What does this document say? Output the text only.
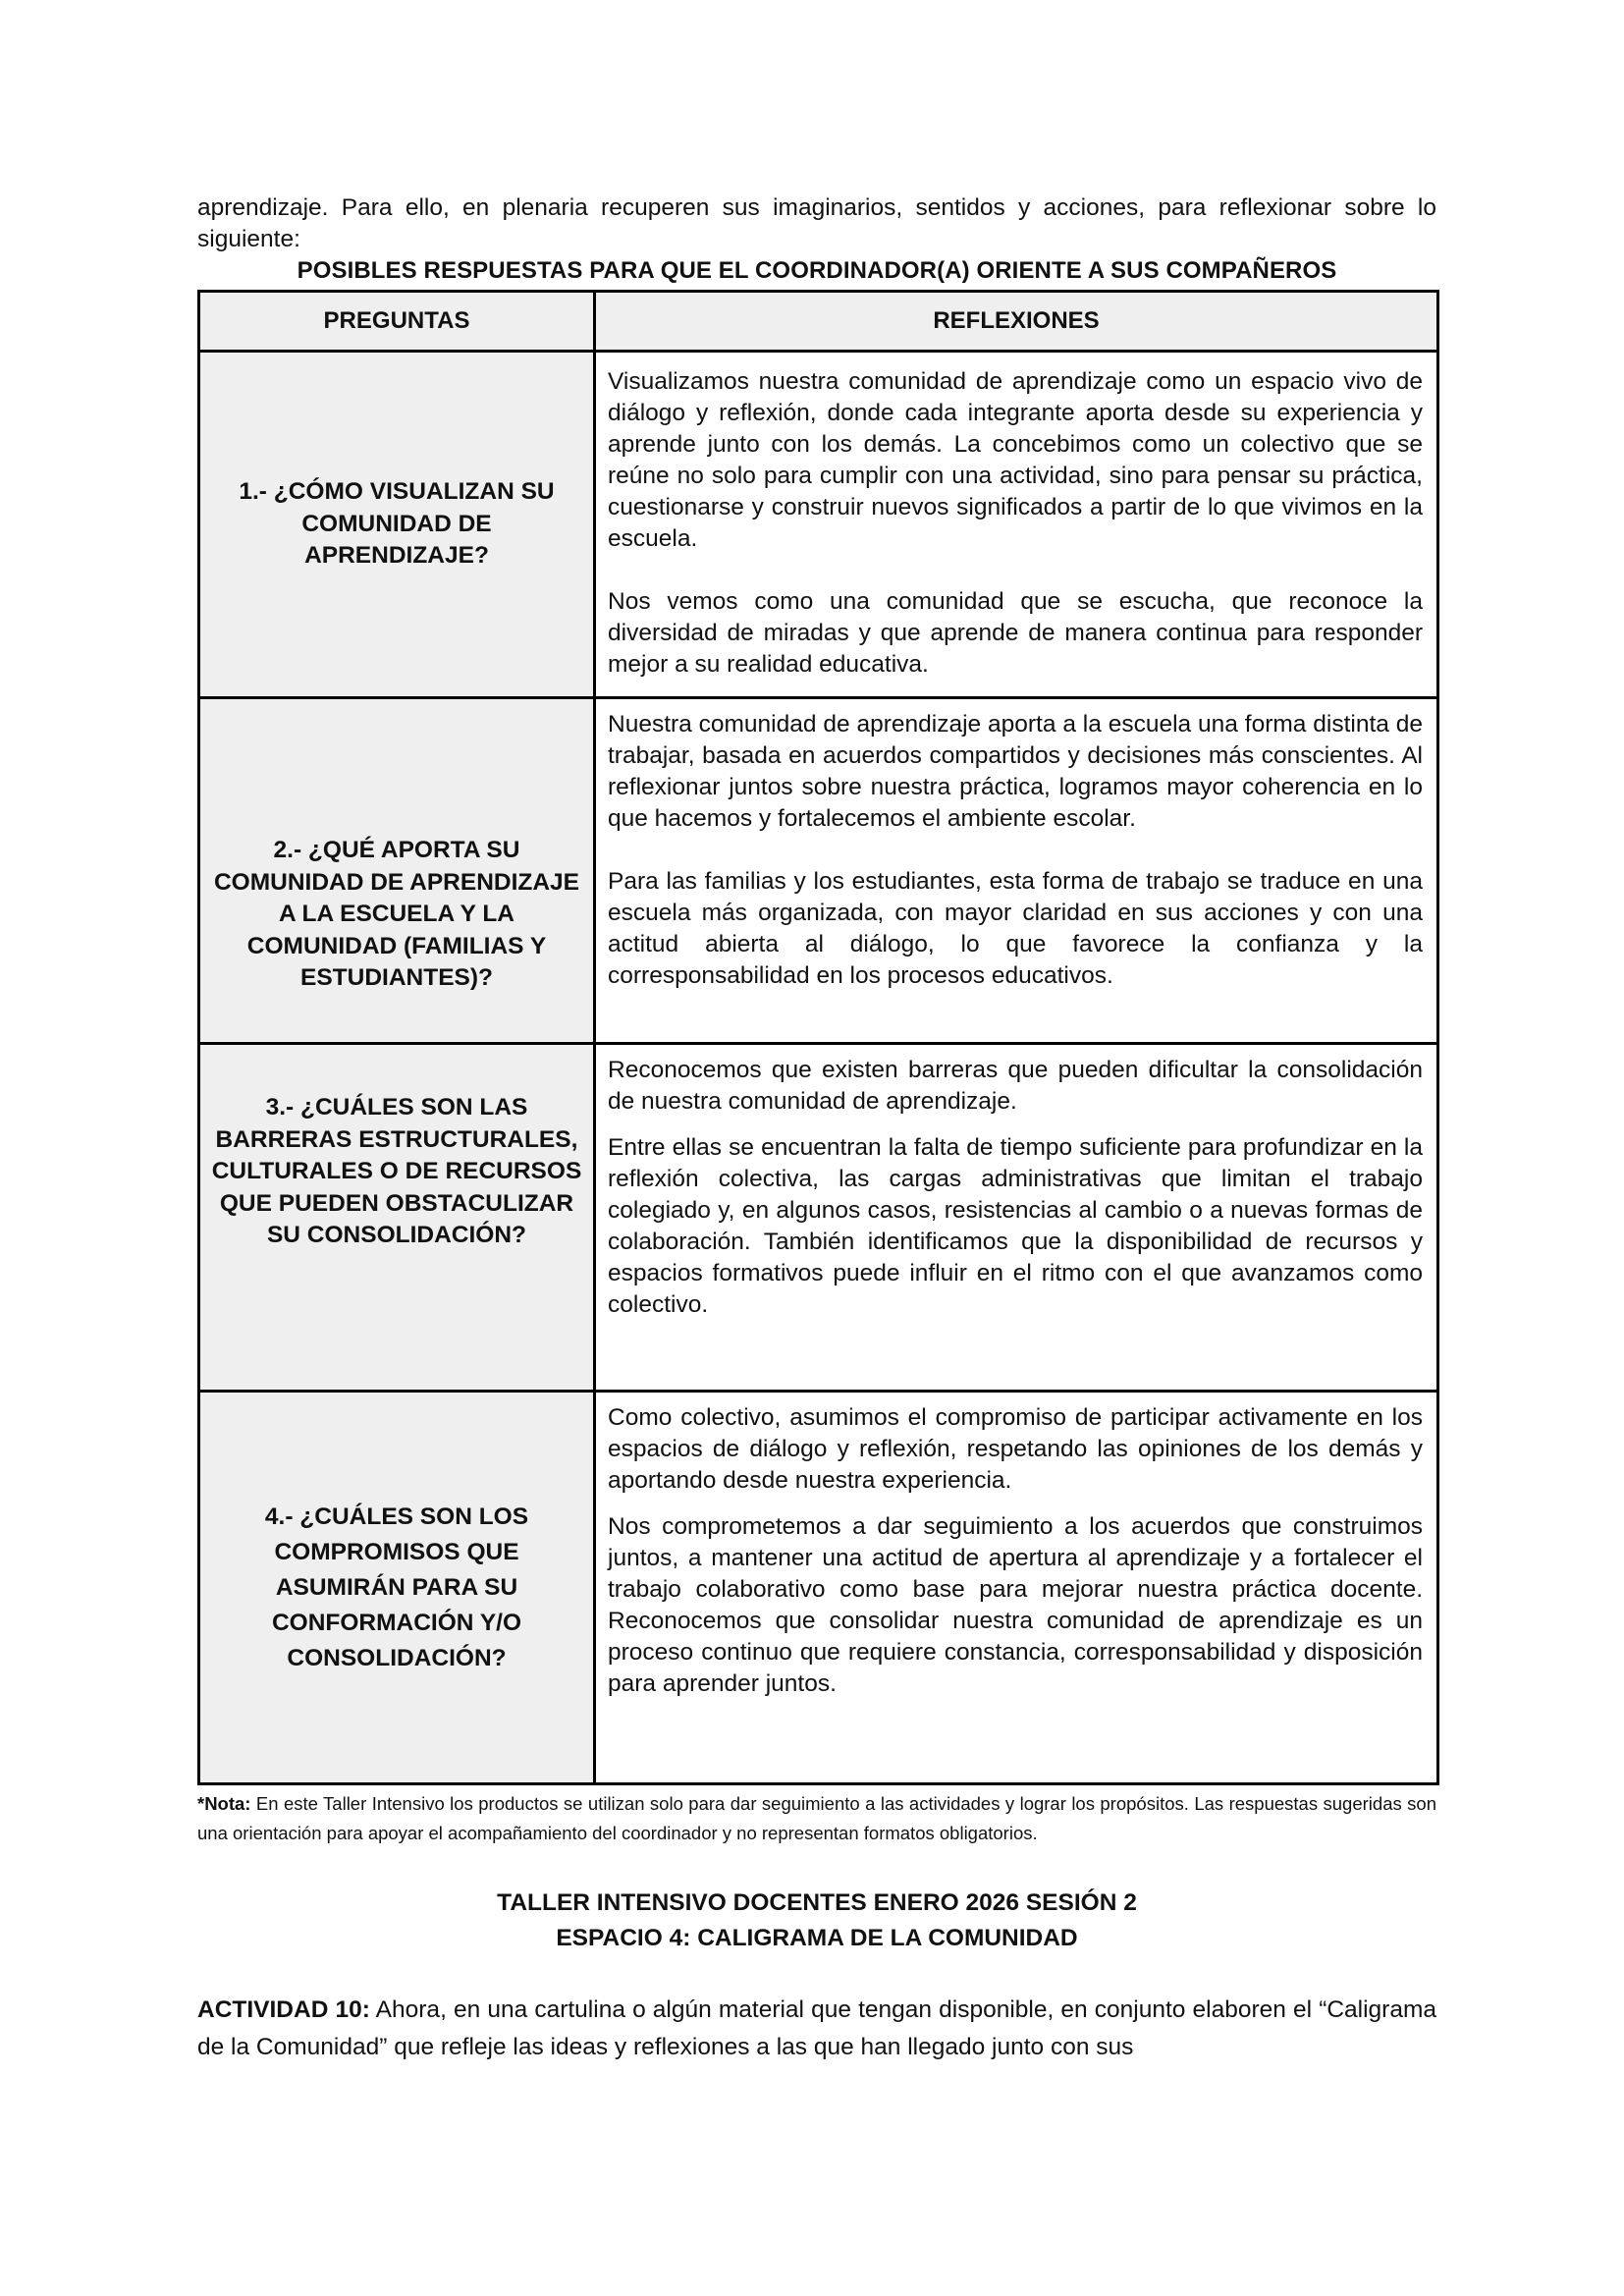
aprendizaje. Para ello, en plenaria recuperen sus imaginarios, sentidos y acciones, para reflexionar sobre lo siguiente:

POSIBLES RESPUESTAS PARA QUE EL COORDINADOR(A) ORIENTE A SUS COMPAÑEROS

PREGUNTAS	REFLEXIONES
1.- ¿CÓMO VISUALIZAN SU COMUNIDAD DE APRENDIZAJE?	Visualizamos nuestra comunidad de aprendizaje como un espacio vivo de diálogo y reflexión, donde cada integrante aporta desde su experiencia y aprende junto con los demás. La concebimos como un colectivo que se reúne no solo para cumplir con una actividad, sino para pensar su práctica, cuestionarse y construir nuevos significados a partir de lo que vivimos en la escuela.

Nos vemos como una comunidad que se escucha, que reconoce la diversidad de miradas y que aprende de manera continua para responder mejor a su realidad educativa.

2.- ¿QUÉ APORTA SU COMUNIDAD DE APRENDIZAJE A LA ESCUELA Y LA COMUNIDAD (FAMILIAS Y ESTUDIANTES)?	Nuestra comunidad de aprendizaje aporta a la escuela una forma distinta de trabajar, basada en acuerdos compartidos y decisiones más conscientes. Al reflexionar juntos sobre nuestra práctica, logramos mayor coherencia en lo que hacemos y fortalecemos el ambiente escolar.

Para las familias y los estudiantes, esta forma de trabajo se traduce en una escuela más organizada, con mayor claridad en sus acciones y con una actitud abierta al diálogo, lo que favorece la confianza y la corresponsabilidad en los procesos educativos.

3.- ¿CUÁLES SON LAS BARRERAS ESTRUCTURALES, CULTURALES O DE RECURSOS QUE PUEDEN OBSTACULIZAR SU CONSOLIDACIÓN?	Reconocemos que existen barreras que pueden dificultar la consolidación de nuestra comunidad de aprendizaje.

Entre ellas se encuentran la falta de tiempo suficiente para profundizar en la reflexión colectiva, las cargas administrativas que limitan el trabajo colegiado y, en algunos casos, resistencias al cambio o a nuevas formas de colaboración. También identificamos que la disponibilidad de recursos y espacios formativos puede influir en el ritmo con el que avanzamos como colectivo.

4.- ¿CUÁLES SON LOS COMPROMISOS QUE ASUMIRÁN PARA SU CONFORMACIÓN Y/O CONSOLIDACIÓN?	Como colectivo, asumimos el compromiso de participar activamente en los espacios de diálogo y reflexión, respetando las opiniones de los demás y aportando desde nuestra experiencia.

Nos comprometemos a dar seguimiento a los acuerdos que construimos juntos, a mantener una actitud de apertura al aprendizaje y a fortalecer el trabajo colaborativo como base para mejorar nuestra práctica docente. Reconocemos que consolidar nuestra comunidad de aprendizaje es un proceso continuo que requiere constancia, corresponsabilidad y disposición para aprender juntos.

*Nota: En este Taller Intensivo los productos se utilizan solo para dar seguimiento a las actividades y lograr los propósitos. Las respuestas sugeridas son una orientación para apoyar el acompañamiento del coordinador y no representan formatos obligatorios.

TALLER INTENSIVO DOCENTES ENERO 2026 SESIÓN 2

ESPACIO 4: CALIGRAMA DE LA COMUNIDAD

ACTIVIDAD 10: Ahora, en una cartulina o algún material que tengan disponible, en conjunto elaboren el “Caligrama de la Comunidad” que refleje las ideas y reflexiones a las que han llegado junto con sus
